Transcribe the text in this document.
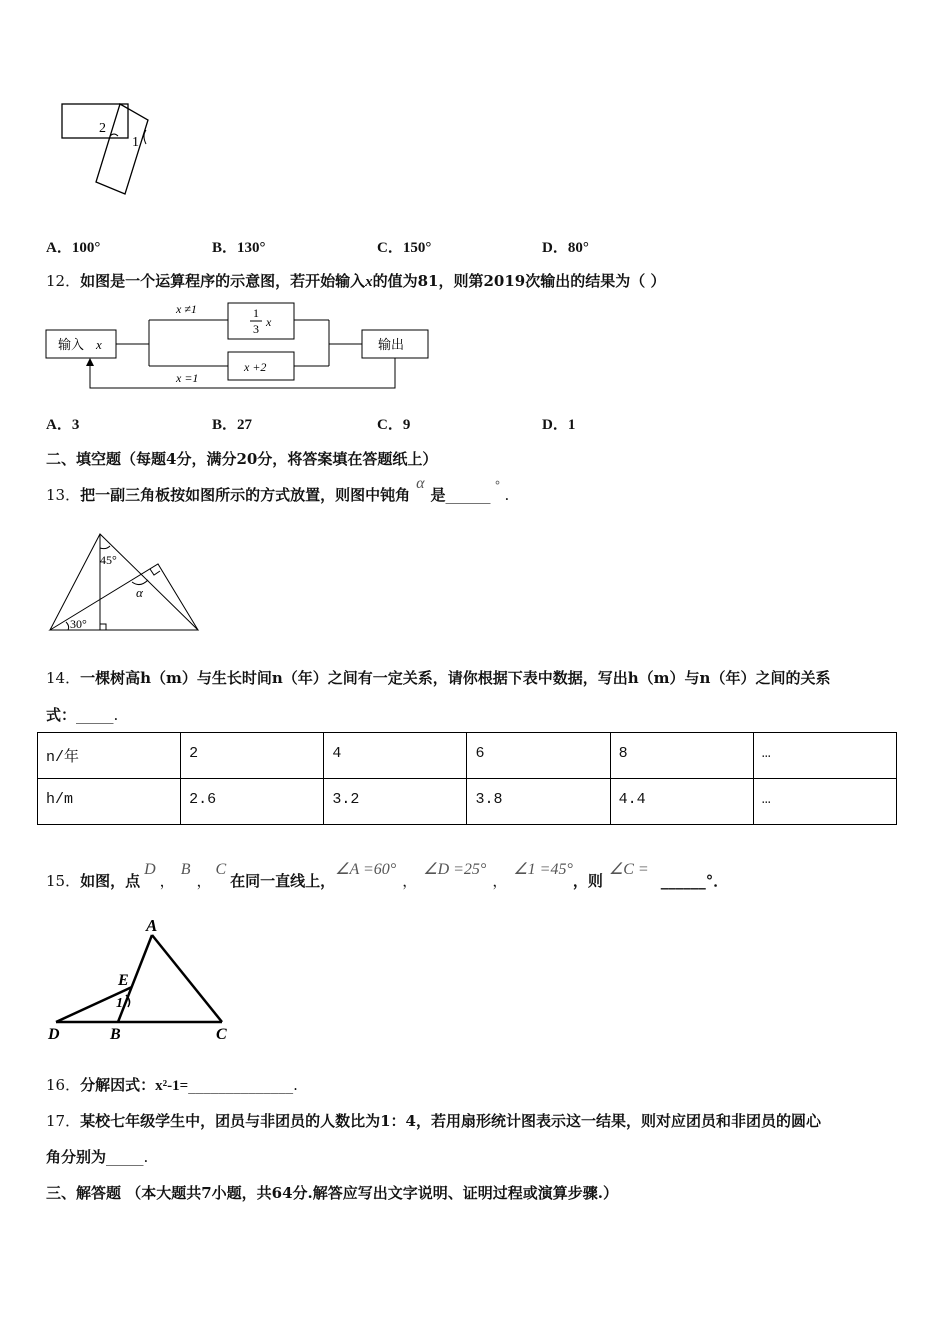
2
1
A．100°	B．130°	C．150°	D．80°
12．如图是一个运算程序的示意图，若开始输入x的值为81，则第2019次输出的结果为（ ）
输入 x	输出
x ≠1
x =1
1
3 x
x +2
A．3	B．27	C．9	D．1
二、填空题（每题4分，满分20分，将答案填在答题纸上）
13．把一副三角板按如图所示的方式放置，则图中钝角α是______ ° .
45°
30°
α
14．一棵树高h（m）与生长时间n（年）之间有一定关系，请你根据下表中数据，写出h（m）与n（年）之间的关系
式：_____.
n/年	2	4	6	8	…
h/m	2.6	3.2	3.8	4.4	…
15．如图，点D，B，C在同一直线上，∠A =60°，∠D =25°，∠1 =45°，则∠C =______°．
A
E
1
D	B	C
16．分解因式：x²-1=______________.
17．某校七年级学生中，团员与非团员的人数比为1：4，若用扇形统计图表示这一结果，则对应团员和非团员的圆心
角分别为_____.
三、解答题 （本大题共7小题，共64分.解答应写出文字说明、证明过程或演算步骤.）
